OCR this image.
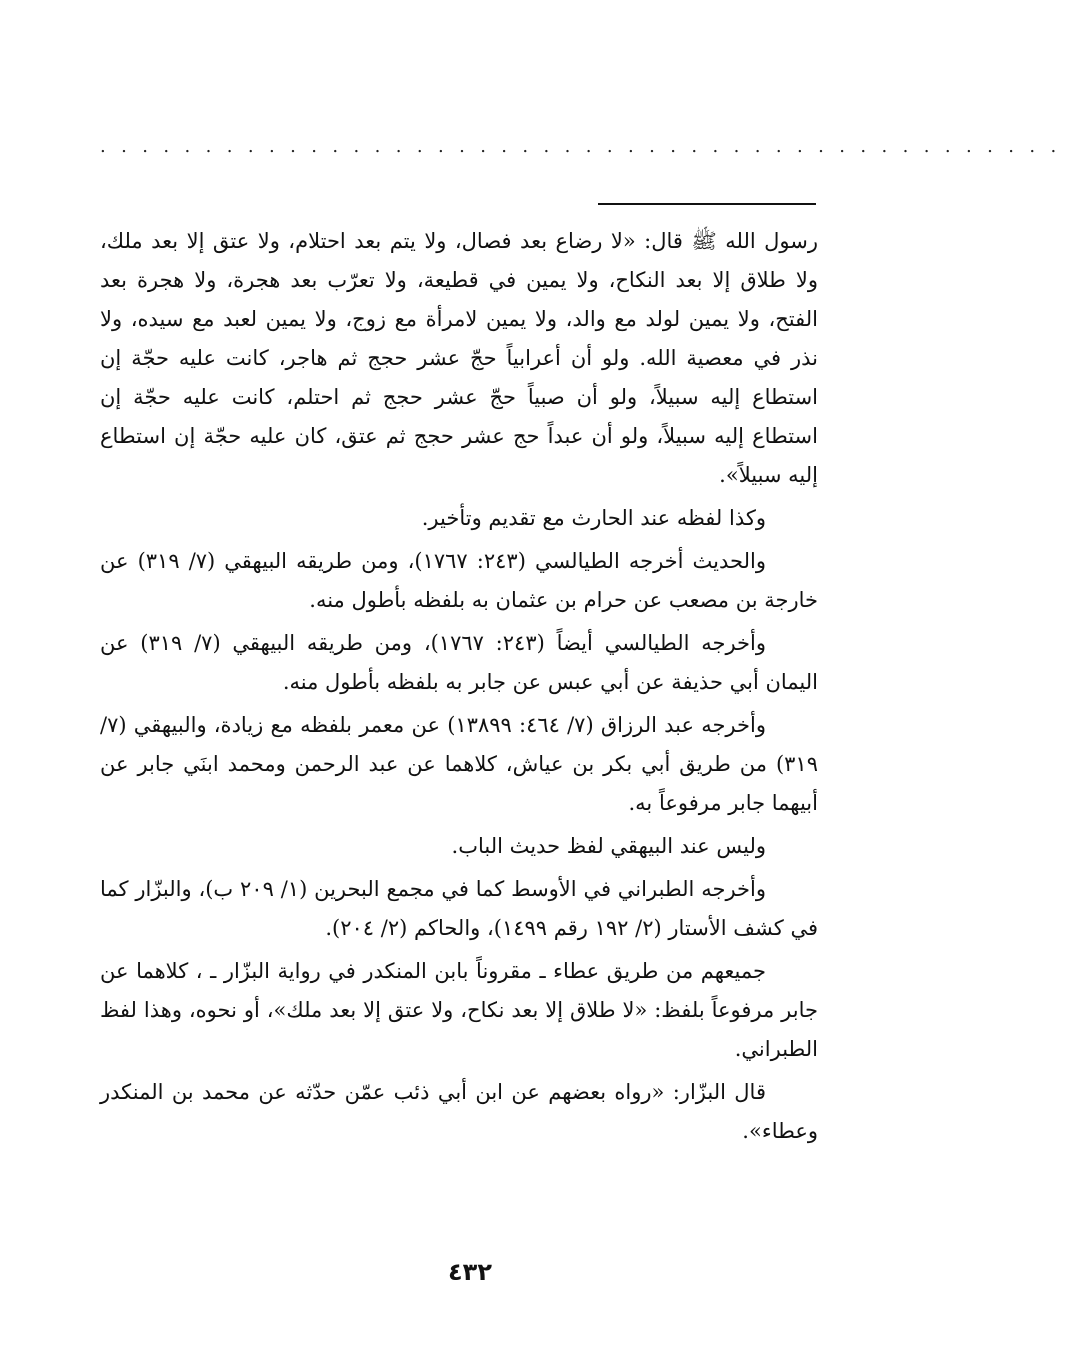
..............................................

رسول الله ﷺ قال: «لا رضاع بعد فصال، ولا يتم بعد احتلام، ولا عتق إلا بعد ملك، ولا طلاق إلا بعد النكاح، ولا يمين في قطيعة، ولا تعرّب بعد هجرة، ولا هجرة بعد الفتح، ولا يمين لولد مع والد، ولا يمين لامرأة مع زوج، ولا يمين لعبد مع سيده، ولا نذر في معصية الله. ولو أن أعرابياً حجّ عشر حجج ثم هاجر، كانت عليه حجّة إن استطاع إليه سبيلاً، ولو أن صبياً حجّ عشر حجج ثم احتلم، كانت عليه حجّة إن استطاع إليه سبيلاً، ولو أن عبداً حج عشر حجج ثم عتق، كان عليه حجّة إن استطاع إليه سبيلاً».

وكذا لفظه عند الحارث مع تقديم وتأخير.

والحديث أخرجه الطيالسي (٢٤٣: ١٧٦٧)، ومن طريقه البيهقي (٧/ ٣١٩) عن خارجة بن مصعب عن حرام بن عثمان به بلفظه بأطول منه.

وأخرجه الطيالسي أيضاً (٢٤٣: ١٧٦٧)، ومن طريقه البيهقي (٧/ ٣١٩) عن اليمان أبي حذيفة عن أبي عبس عن جابر به بلفظه بأطول منه.

وأخرجه عبد الرزاق (٧/ ٤٦٤: ١٣٨٩٩) عن معمر بلفظه مع زيادة، والبيهقي (٧/ ٣١٩) من طريق أبي بكر بن عياش، كلاهما عن عبد الرحمن ومحمد ابنَي جابر عن أبيهما جابر مرفوعاً به.

وليس عند البيهقي لفظ حديث الباب.

وأخرجه الطبراني في الأوسط كما في مجمع البحرين (١/ ٢٠٩ ب)، والبزّار كما في كشف الأستار (٢/ ١٩٢ رقم ١٤٩٩)، والحاكم (٢/ ٢٠٤).

جميعهم من طريق عطاء ـ مقروناً بابن المنكدر في رواية البزّار ـ ، كلاهما عن جابر مرفوعاً بلفظ: «لا طلاق إلا بعد نكاح، ولا عتق إلا بعد ملك»، أو نحوه، وهذا لفظ الطبراني.

قال البزّار: «رواه بعضهم عن ابن أبي ذئب عمّن حدّثه عن محمد بن المنكدر وعطاء».

٤٣٢
